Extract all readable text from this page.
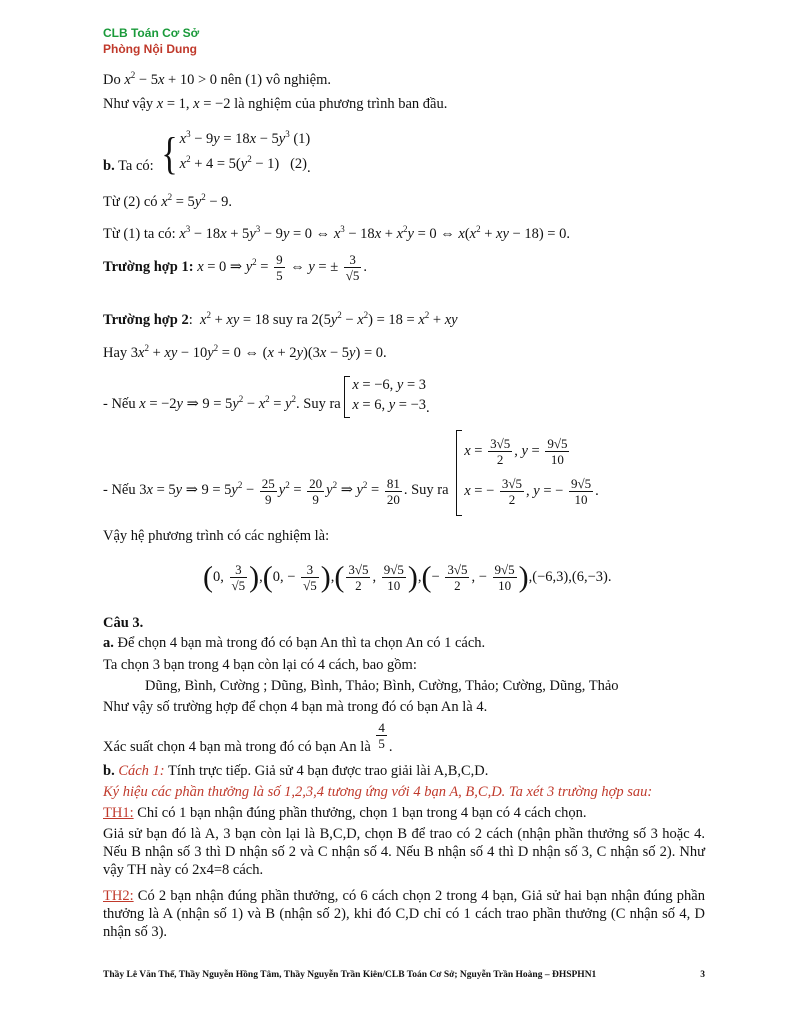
CLB Toán Cơ Sở
Phòng Nội Dung
Do $x^2 - 5x + 10 > 0$ nên (1) vô nghiệm.
Như vậy x = 1, x = −2 là nghiệm của phương trình ban đầu.
b. Ta có: { $x^3 - 9y = 18x - 5y^3$ (1)
$x^2 + 4 = 5(y^2 - 1)$   (2).
Từ (2) có $x^2 = 5y^2 - 9$.
Từ (1) ta có: $x^3 - 18x + 5y^3 - 9y = 0$ ⇔ $x^3 - 18x + x^2y = 0$ ⇔ $x(x^2$ + xy − 18) = 0.
Trường hợp 1: x = 0 ⇒ $y^2 = \frac{9}{5}$ ⇔ y = ± $\frac{3}{√5}$ .
Trường hợp 2:  $x^2$ + xy = 18 suy ra $2(5y^2 - x^2) = 18 = x^2$ + xy
Hay $3x^2$ + xy − $10y^2 = 0$ ⇔ (x + 2y)(3x − 5y) = 0.
- Nếu x = −2y ⇒ $9 = 5y^2 - x^2 = y^2$. Suy ra
x = −6, y = 3
x = 6, y = −3.
- Nếu 3x = 5y ⇒ $9 = 5y^2 - \frac{25}{9} y^2 = \frac{20}{9} y^2$ ⇒ $y^2 = \frac{81}{20}$ . Suy ra
$x = \frac{3√5}{2}$ , $y = \frac{9√5}{10}$
x = − $\frac{3√5}{2}$ , y = − $\frac{9√5}{10}$ .
Vậy hệ phương trình có các nghiệm là:
(0, $\frac{3}{√5} ),(0$, − $\frac{3}{√5}$ ),( $\frac{3√5}{2}$ , $\frac{9√5}{10}$ ),(− $\frac{3√5}{2}$ , − $\frac{9√5}{10} ),(-6,3),(6,-3)$.
Câu 3.
a. Để chọn 4 bạn mà trong đó có bạn An thì ta chọn An có 1 cách.
Ta chọn 3 bạn trong 4 bạn còn lại có 4 cách, bao gồm:
Dũng, Bình, Cường ; Dũng, Bình, Thảo; Bình, Cường, Thảo; Cường, Dũng, Thảo
Như vậy số trường hợp để chọn 4 bạn mà trong đó có bạn An là 4.
Xác suất chọn 4 bạn mà trong đó có bạn An là $\frac{4}{5}$ .
b. Cách 1: Tính trực tiếp. Giả sử 4 bạn được trao giải lài A,B,C,D.
Ký hiệu các phần thưởng là số 1,2,3,4 tương ứng với 4 bạn A, B,C,D. Ta xét 3 trường hợp sau:
TH1: Chỉ có 1 bạn nhận đúng phần thưởng, chọn 1 bạn trong 4 bạn có 4 cách chọn.
Giả sử bạn đó là A, 3 bạn còn lại là B,C,D, chọn B để trao có 2 cách (nhận phần thưởng số 3 hoặc 4. Nếu B nhận số 3 thì D nhận số 2 và C nhận số 4. Nếu B nhận số 4 thì D nhận số 3, C nhận số 2). Như vậy TH này có 2x4=8 cách.
TH2: Có 2 bạn nhận đúng phần thưởng, có 6 cách chọn 2 trong 4 bạn, Giả sử hai bạn nhận đúng phần thưởng là A (nhận số 1) và B (nhận số 2), khi đó C,D chỉ có 1 cách trao phần thưởng (C nhận số 4, D nhận số 3).
Thầy Lê Văn Thế, Thầy Nguyễn Hồng Tâm, Thầy Nguyễn Trần Kiên/CLB Toán Cơ Sở; Nguyễn Trần Hoàng – ĐHSPHN1	3
